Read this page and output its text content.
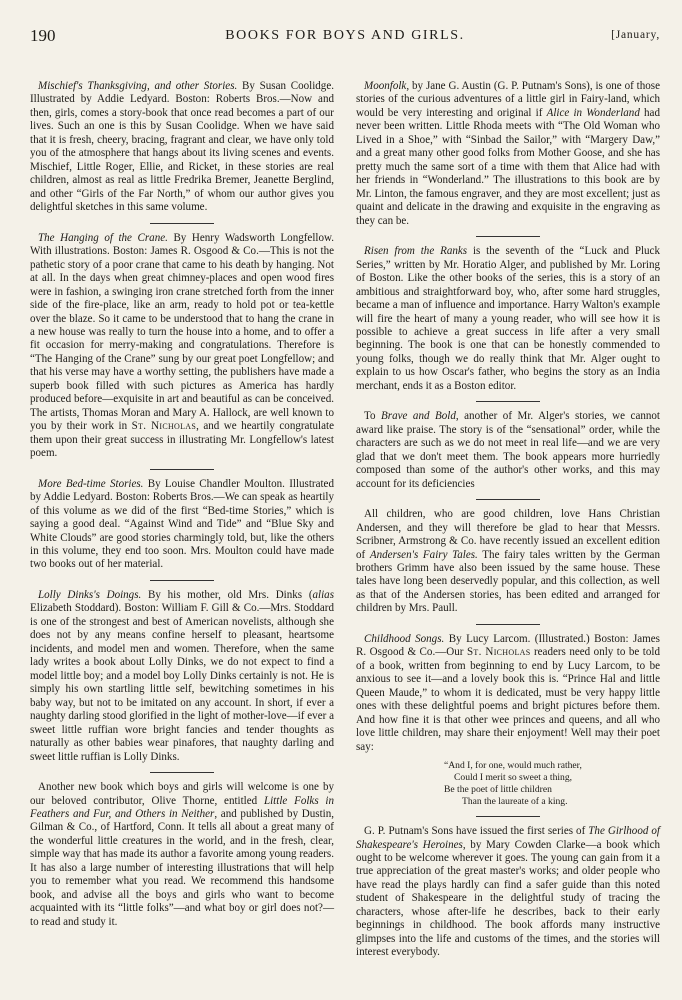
190	BOOKS FOR BOYS AND GIRLS.	[January,

Mischief's Thanksgiving, and other Stories. By Susan Coolidge. Illustrated by Addie Ledyard. Boston: Roberts Bros.—Now and then, girls, comes a story-book that once read becomes a part of our lives. Such an one is this by Susan Coolidge. When we have said that it is fresh, cheery, bracing, fragrant and clear, we have only told you of the atmosphere that hangs about its living scenes and events. Mischief, Little Roger, Ellie, and Ricket, in these stories are real children, almost as real as little Fredrika Bremer, Jeanette Berglind, and other “Girls of the Far North,” of whom our author gives you delightful sketches in this same volume.

The Hanging of the Crane. By Henry Wadsworth Longfellow. With illustrations. Boston: James R. Osgood & Co.—This is not the pathetic story of a poor crane that came to his death by hanging. Not at all. In the days when great chimney-places and open wood fires were in fashion, a swinging iron crane stretched forth from the inner side of the fire-place, like an arm, ready to hold pot or tea-kettle over the blaze. So it came to be understood that to hang the crane in a new house was really to turn the house into a home, and to offer a fit occasion for merry-making and congratulations. Therefore is “The Hanging of the Crane” sung by our great poet Longfellow; and that his verse may have a worthy setting, the publishers have made a superb book filled with such pictures as America has hardly produced before—exquisite in art and beautiful as can be conceived. The artists, Thomas Moran and Mary A. Hallock, are well known to you by their work in St. Nicholas, and we heartily congratulate them upon their great success in illustrating Mr. Longfellow's latest poem.

More Bed-time Stories. By Louise Chandler Moulton. Illustrated by Addie Ledyard. Boston: Roberts Bros.—We can speak as heartily of this volume as we did of the first “Bed-time Stories,” which is saying a good deal. “Against Wind and Tide” and “Blue Sky and White Clouds” are good stories charmingly told, but, like the others in this volume, they end too soon. Mrs. Moulton could have made two books out of her material.

Lolly Dinks's Doings. By his mother, old Mrs. Dinks (alias Elizabeth Stoddard). Boston: William F. Gill & Co.—Mrs. Stoddard is one of the strongest and best of American novelists, although she does not by any means confine herself to pleasant, heartsome incidents, and model men and women. Therefore, when the same lady writes a book about Lolly Dinks, we do not expect to find a model little boy; and a model boy Lolly Dinks certainly is not. He is simply his own startling little self, bewitching sometimes in his baby way, but not to be imitated on any account. In short, if ever a naughty darling stood glorified in the light of mother-love—if ever a sweet little ruffian wore bright fancies and tender thoughts as naturally as other babies wear pinafores, that naughty darling and sweet little ruffian is Lolly Dinks.

Another new book which boys and girls will welcome is one by our beloved contributor, Olive Thorne, entitled Little Folks in Feathers and Fur, and Others in Neither, and published by Dustin, Gilman & Co., of Hartford, Conn. It tells all about a great many of the wonderful little creatures in the world, and in the fresh, clear, simple way that has made its author a favorite among young readers. It has also a large number of interesting illustrations that will help you to remember what you read. We recommend this handsome book, and advise all the boys and girls who want to become acquainted with its “little folks”—and what boy or girl does not?—to read and study it.

Moonfolk, by Jane G. Austin (G. P. Putnam's Sons), is one of those stories of the curious adventures of a little girl in Fairy-land, which would be very interesting and original if Alice in Wonderland had never been written. Little Rhoda meets with “The Old Woman who Lived in a Shoe,” with “Sinbad the Sailor,” with “Margery Daw,” and a great many other good folks from Mother Goose, and she has pretty much the same sort of a time with them that Alice had with her friends in “Wonderland.” The illustrations to this book are by Mr. Linton, the famous engraver, and they are most excellent; just as quaint and delicate in the drawing and exquisite in the engraving as they can be.

Risen from the Ranks is the seventh of the “Luck and Pluck Series,” written by Mr. Horatio Alger, and published by Mr. Loring of Boston. Like the other books of the series, this is a story of an ambitious and straightforward boy, who, after some hard struggles, became a man of influence and importance. Harry Walton's example will fire the heart of many a young reader, who will see how it is possible to achieve a great success in life after a very small beginning. The book is one that can be honestly commended to young folks, though we do really think that Mr. Alger ought to explain to us how Oscar's father, who begins the story as an India merchant, ends it as a Boston editor.

To Brave and Bold, another of Mr. Alger's stories, we cannot award like praise. The story is of the “sensational” order, while the characters are such as we do not meet in real life—and we are very glad that we don't meet them. The book appears more hurriedly composed than some of the author's other works, and this may account for its deficiencies

All children, who are good children, love Hans Christian Andersen, and they will therefore be glad to hear that Messrs. Scribner, Armstrong & Co. have recently issued an excellent edition of Andersen's Fairy Tales. The fairy tales written by the German brothers Grimm have also been issued by the same house. These tales have long been deservedly popular, and this collection, as well as that of the Andersen stories, has been edited and arranged for children by Mrs. Paull.

Childhood Songs. By Lucy Larcom. (Illustrated.) Boston: James R. Osgood & Co.—Our St. Nicholas readers need only to be told of a book, written from beginning to end by Lucy Larcom, to be anxious to see it—and a lovely book this is. “Prince Hal and little Queen Maude,” to whom it is dedicated, must be very happy little ones with these delightful poems and bright pictures before them. And how fine it is that other wee princes and queens, and all who love little children, may share their enjoyment! Well may their poet say:

“And I, for one, would much rather,
Could I merit so sweet a thing,
Be the poet of little children
Than the laureate of a king.

G. P. Putnam's Sons have issued the first series of The Girlhood of Shakespeare's Heroines, by Mary Cowden Clarke—a book which ought to be welcome wherever it goes. The young can gain from it a true appreciation of the great master's works; and older people who have read the plays hardly can find a safer guide than this noted student of Shakespeare in the delightful study of tracing the characters, whose after-life he describes, back to their early beginnings in childhood. The book affords many instructive glimpses into the life and customs of the times, and the stories will interest everybody.
